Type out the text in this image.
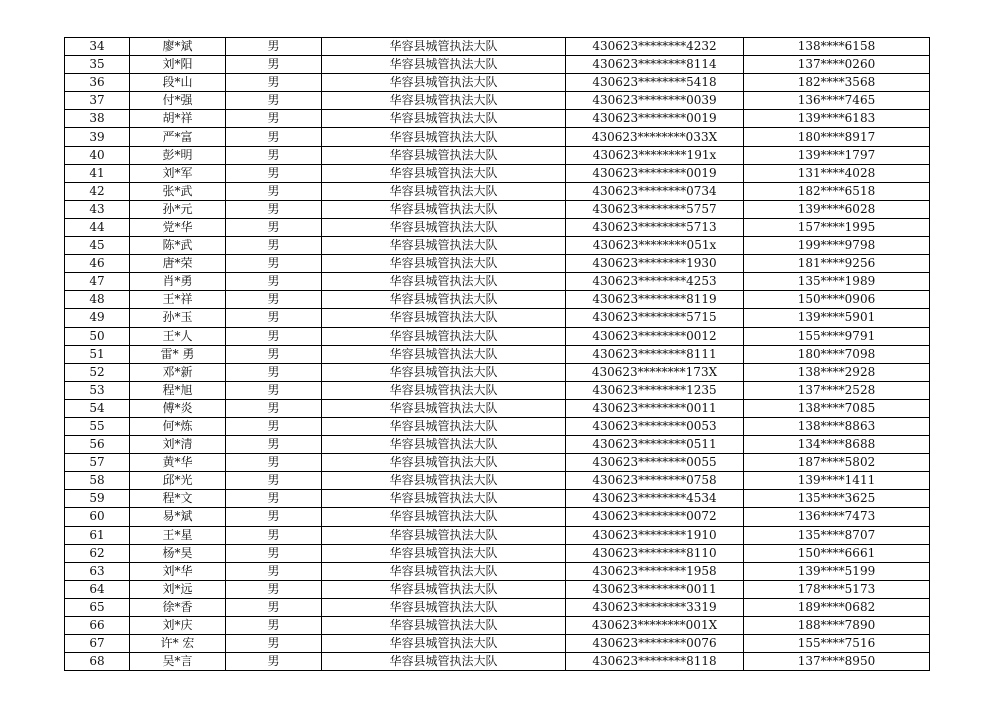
34	廖*斌	男	华容县城管执法大队	430623********4232	138****6158
35	刘*阳	男	华容县城管执法大队	430623********8114	137****0260
36	段*山	男	华容县城管执法大队	430623********5418	182****3568
37	付*强	男	华容县城管执法大队	430623********0039	136****7465
38	胡*祥	男	华容县城管执法大队	430623********0019	139****6183
39	严*富	男	华容县城管执法大队	430623********033X	180****8917
40	彭*明	男	华容县城管执法大队	430623********191x	139****1797
41	刘*军	男	华容县城管执法大队	430623********0019	131****4028
42	张*武	男	华容县城管执法大队	430623********0734	182****6518
43	孙*元	男	华容县城管执法大队	430623********5757	139****6028
44	党*华	男	华容县城管执法大队	430623********5713	157****1995
45	陈*武	男	华容县城管执法大队	430623********051x	199****9798
46	唐*荣	男	华容县城管执法大队	430623********1930	181****9256
47	肖*勇	男	华容县城管执法大队	430623********4253	135****1989
48	王*祥	男	华容县城管执法大队	430623********8119	150****0906
49	孙*玉	男	华容县城管执法大队	430623********5715	139****5901
50	王*人	男	华容县城管执法大队	430623********0012	155****9791
51	雷* 勇	男	华容县城管执法大队	430623********8111	180****7098
52	邓*新	男	华容县城管执法大队	430623********173X	138****2928
53	程*旭	男	华容县城管执法大队	430623********1235	137****2528
54	傅*炎	男	华容县城管执法大队	430623********0011	138****7085
55	何*炼	男	华容县城管执法大队	430623********0053	138****8863
56	刘*清	男	华容县城管执法大队	430623********0511	134****8688
57	黄*华	男	华容县城管执法大队	430623********0055	187****5802
58	邱*光	男	华容县城管执法大队	430623********0758	139****1411
59	程*文	男	华容县城管执法大队	430623********4534	135****3625
60	易*斌	男	华容县城管执法大队	430623********0072	136****7473
61	王*星	男	华容县城管执法大队	430623********1910	135****8707
62	杨*昊	男	华容县城管执法大队	430623********8110	150****6661
63	刘*华	男	华容县城管执法大队	430623********1958	139****5199
64	刘*远	男	华容县城管执法大队	430623********0011	178****5173
65	徐*香	男	华容县城管执法大队	430623********3319	189****0682
66	刘*庆	男	华容县城管执法大队	430623********001X	188****7890
67	许* 宏	男	华容县城管执法大队	430623********0076	155****7516
68	吴*言	男	华容县城管执法大队	430623********8118	137****8950
